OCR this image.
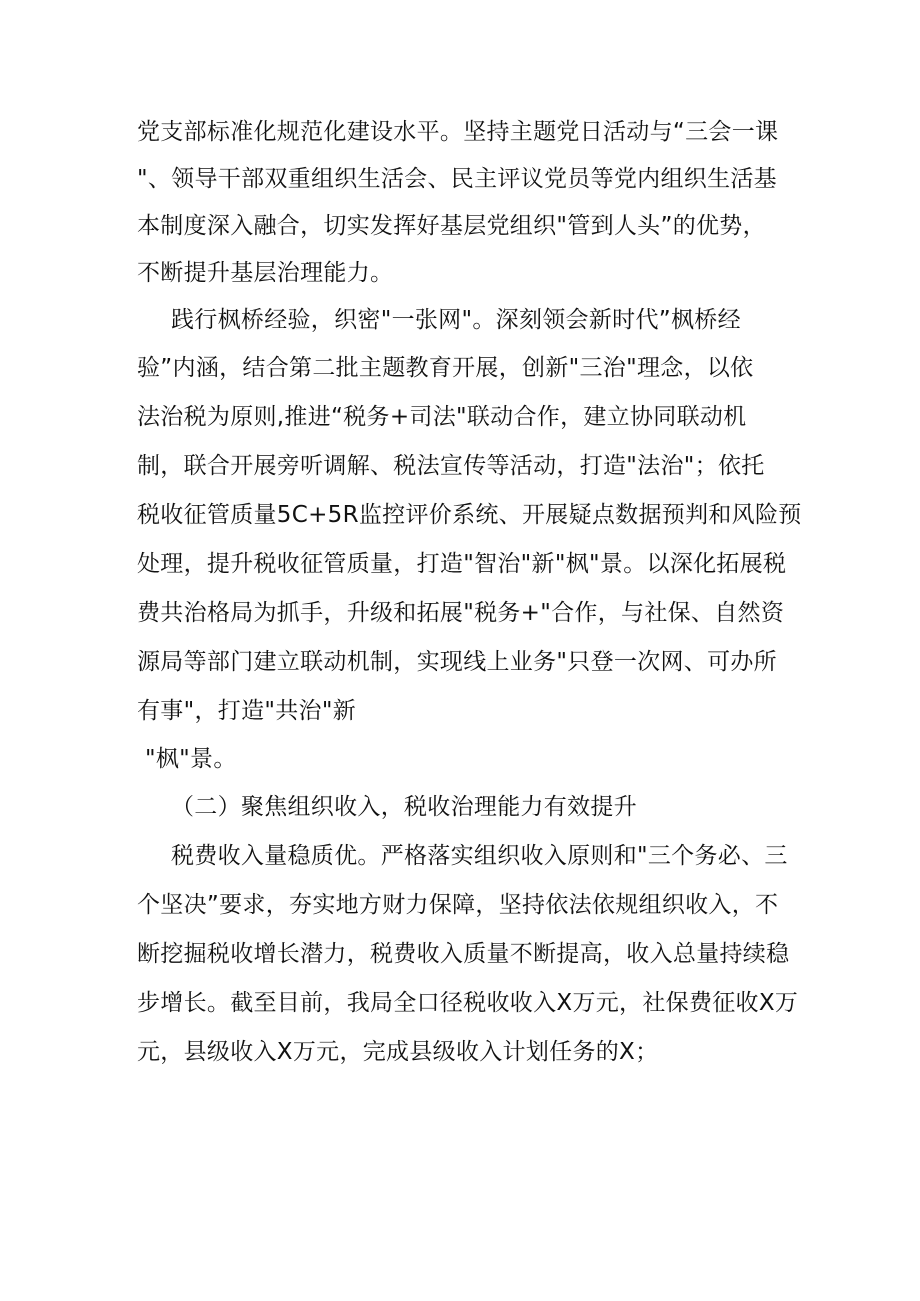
党支部标准化规范化建设水平。坚持主题党日活动与“三会一课
"、领导干部双重组织生活会、民主评议党员等党内组织生活基
本制度深入融合，切实发挥好基层党组织"管到人头”的优势，
不断提升基层治理能力。
践行枫桥经验，织密"一张网"。深刻领会新时代”枫桥经
验”内涵，结合第二批主题教育开展，创新"三治"理念，以依
法治税为原则,推进“税务+司法"联动合作，建立协同联动机
制，联合开展旁听调解、税法宣传等活动，打造"法治"；依托
税收征管质量5C+5R监控评价系统、开展疑点数据预判和风险预
处理，提升税收征管质量，打造"智治"新"枫"景。以深化拓展税
费共治格局为抓手，升级和拓展"税务+"合作，与社保、自然资
源局等部门建立联动机制，实现线上业务"只登一次网、可办所
有事"，打造"共治"新
"枫"景。
（二）聚焦组织收入，税收治理能力有效提升
税费收入量稳质优。严格落实组织收入原则和"三个务必、三
个坚决”要求，夯实地方财力保障，坚持依法依规组织收入，不
断挖掘税收增长潜力，税费收入质量不断提高，收入总量持续稳
步增长。截至目前，我局全口径税收收入X万元，社保费征收X万
元，县级收入X万元，完成县级收入计划任务的X；
